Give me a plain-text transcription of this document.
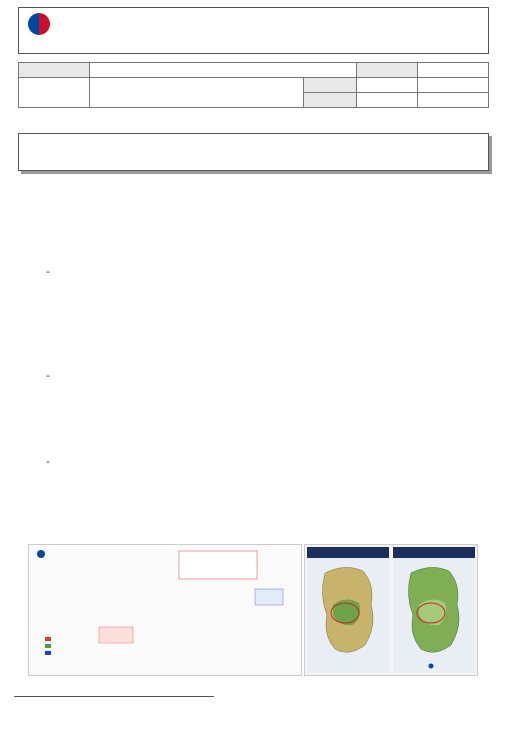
-
-
-
